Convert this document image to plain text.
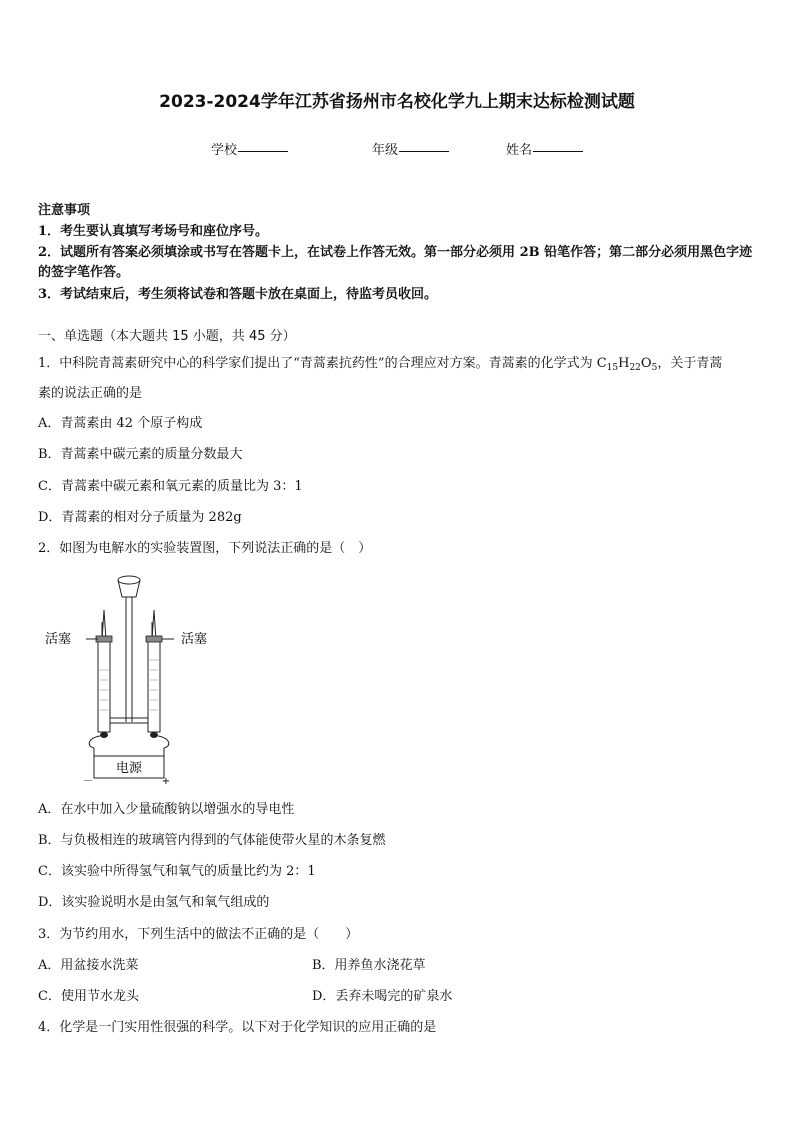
2023-2024学年江苏省扬州市名校化学九上期末达标检测试题
学校	年级	姓名
注意事项
1．考生要认真填写考场号和座位序号。
2．试题所有答案必须填涂或书写在答题卡上，在试卷上作答无效。第一部分必须用 2B 铅笔作答；第二部分必须用黑色字迹的签字笔作答。
3．考试结束后，考生须将试卷和答题卡放在桌面上，待监考员收回。
一、单选题（本大题共 15 小题，共 45 分）
1．中科院青蒿素研究中心的科学家们提出了“青蒿素抗药性”的合理应对方案。青蒿素的化学式为 $C_{15}H_{22}O_5$，关于青蒿
素的说法正确的是
A．青蒿素由 42 个原子构成
B．青蒿素中碳元素的质量分数最大
C．青蒿素中碳元素和氧元素的质量比为 3：1
D．青蒿素的相对分子质量为 282g
2．如图为电解水的实验装置图，下列说法正确的是（　）
电源
－	+
活塞	活塞
A．在水中加入少量硫酸钠以增强水的导电性
B．与负极相连的玻璃管内得到的气体能使带火星的木条复燃
C．该实验中所得氢气和氧气的质量比约为 2：1
D．该实验说明水是由氢气和氧气组成的
3．为节约用水，下列生活中的做法不正确的是（　　）
A．用盆接水洗菜	B．用养鱼水浇花草
C．使用节水龙头	D．丢弃未喝完的矿泉水
4．化学是一门实用性很强的科学。以下对于化学知识的应用正确的是
